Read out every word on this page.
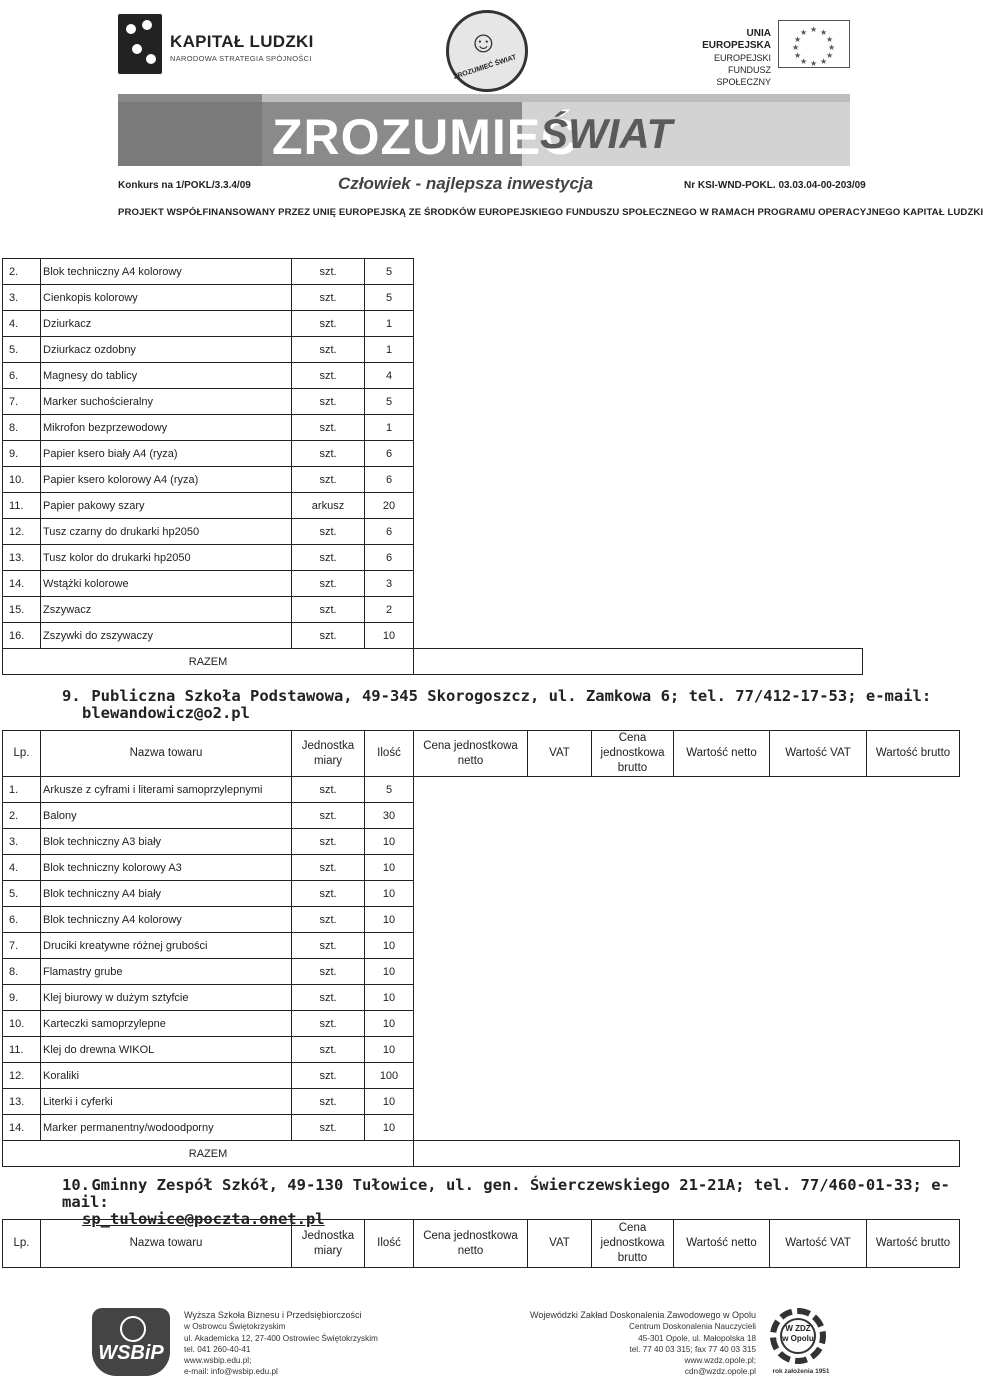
KAPITAŁ LUDZKI
NARODOWA STRATEGIA SPÓJNOŚCI	☺
ZROZUMIEĆ ŚWIAT
UNIA EUROPEJSKA
EUROPEJSKI
FUNDUSZ SPOŁECZNY
★ ★
★
★
★
★
★
★
★
★
★
★
ZROZUMIEĆ
ŚWIAT
Konkurs na 1/POKL/3.3.4/09	Człowiek - najlepsza inwestycja	Nr KSI-WND-POKL. 03.03.04-00-203/09
PROJEKT WSPÓŁFINANSOWANY PRZEZ UNIĘ EUROPEJSKĄ ZE ŚRODKÓW EUROPEJSKIEGO FUNDUSZU SPOŁECZNEGO W RAMACH PROGRAMU OPERACYJNEGO KAPITAŁ LUDZKI
2.	Blok techniczny A4 kolorowy	szt.	5	
3.	Cienkopis kolorowy	szt.	5	
4.	Dziurkacz	szt.	1	
5.	Dziurkacz ozdobny	szt.	1	
6.	Magnesy do tablicy	szt.	4	
7.	Marker suchościeralny	szt.	5	
8.	Mikrofon bezprzewodowy	szt.	1	
9.	Papier ksero biały A4 (ryza)	szt.	6	
10.	Papier ksero kolorowy A4 (ryza)	szt.	6	
11.	Papier pakowy szary	arkusz	20	
12.	Tusz czarny do drukarki hp2050	szt.	6	
13.	Tusz kolor do drukarki hp2050	szt.	6	
14.	Wstążki kolorowe	szt.	3	
15.	Zszywacz	szt.	2	
16.	Zszywki do zszywaczy	szt.	10	
RAZEM				
9. Publiczna Szkoła Podstawowa, 49-345 Skorogoszcz, ul. Zamkowa 6; tel. 77/412-17-53; e-mail:
blewandowicz@o2.pl
Lp.	Nazwa towaru	Jednostka miary	Ilość	Cena jednostkowa netto	VAT	Cena jednostkowa brutto	Wartość netto	Wartość VAT	Wartość brutto
1.	Arkusze z cyframi i literami samoprzylepnymi	szt.	5						
2.	Balony	szt.	30						
3.	Blok techniczny A3 biały	szt.	10						
4.	Blok techniczny kolorowy A3	szt.	10						
5.	Blok techniczny A4 biały	szt.	10						
6.	Blok techniczny A4 kolorowy	szt.	10						
7.	Druciki kreatywne różnej grubości	szt.	10						
8.	Flamastry grube	szt.	10						
9.	Klej biurowy w dużym sztyfcie	szt.	10						
10.	Karteczki samoprzylepne	szt.	10						
11.	Klej do drewna WIKOL	szt.	10						
12.	Koraliki	szt.	100						
13.	Literki i cyferki	szt.	10						
14.	Marker permanentny/wodoodporny	szt.	10						
RAZEM									
10. Gminny Zespół Szkół, 49-130 Tułowice, ul. gen. Świerczewskiego 21-21A; tel. 77/460-01-33; e-mail:
sp_tulowice@poczta.onet.pl
Lp.	Nazwa towaru	Jednostka miary	Ilość	Cena jednostkowa netto	VAT	Cena jednostkowa brutto	Wartość netto	Wartość VAT	Wartość brutto
WSBiP
Wyższa Szkoła Biznesu i Przedsiębiorczości
w Ostrowcu Świętokrzyskim
ul. Akademicka 12, 27-400 Ostrowiec Świętokrzyskim
tel. 041 260-40-41
www.wsbip.edu.pl;
e-mail: info@wsbip.edu.pl
Wojewódzki Zakład Doskonalenia Zawodowego w Opolu
Centrum Doskonalenia Nauczycieli
45-301 Opole, ul. Małopolska 18
tel. 77 40 03 315; fax 77 40 03 315
www.wzdz.opole.pl;
cdn@wzdz.opole.pl
W ZDZ w Opolu
rok założenia 1951
